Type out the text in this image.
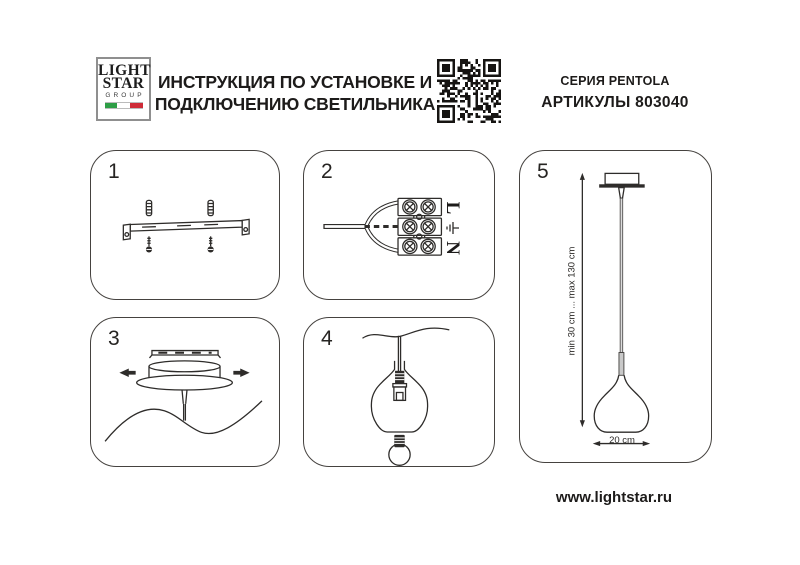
LIGHT
STAR
GROUP
ИНСТРУКЦИЯ ПО УСТАНОВКЕ И
ПОДКЛЮЧЕНИЮ СВЕТИЛЬНИКА
СЕРИЯ PENTOLA
АРТИКУЛЫ 803040
1
L
N
2
3	4	min 30 cm ... max 130 cm
20 cm
5
www.lightstar.ru
